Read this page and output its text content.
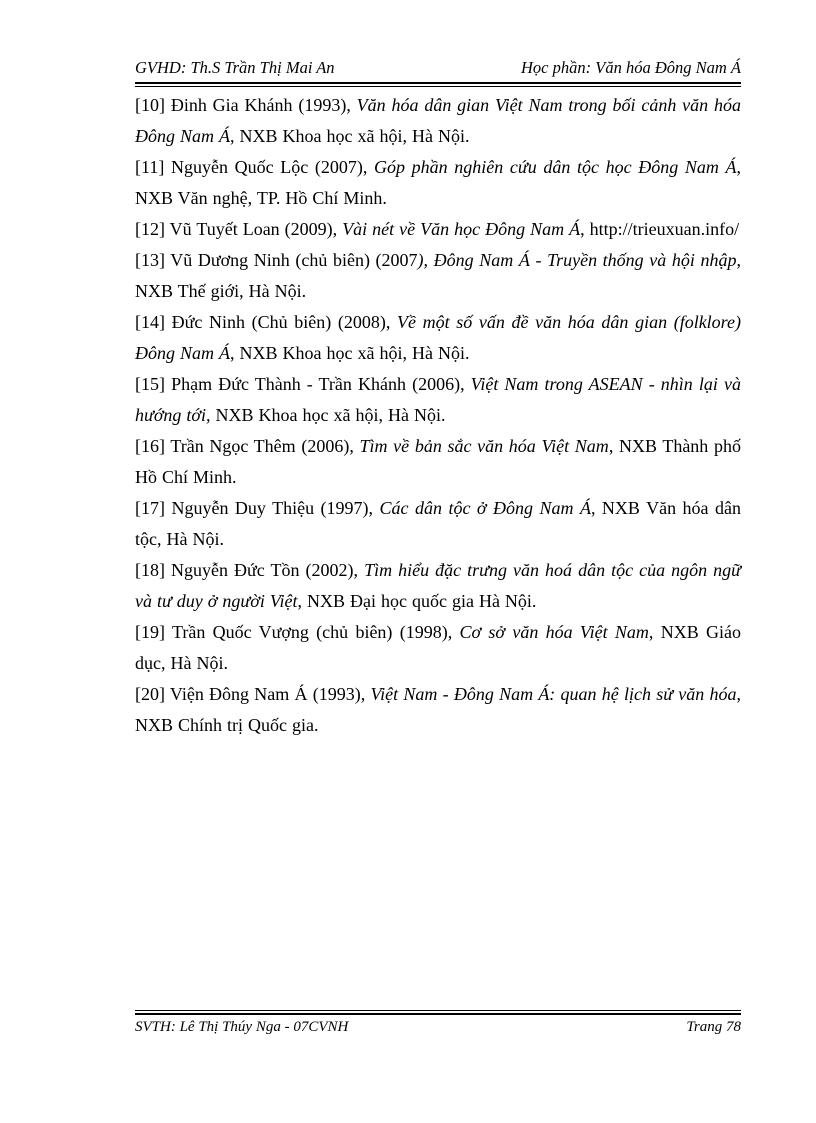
GVHD: Th.S Trần Thị Mai An	Học phần: Văn hóa Đông Nam Á

[10] Đinh Gia Khánh (1993), Văn hóa dân gian Việt Nam trong bối cảnh văn hóa Đông Nam Á, NXB Khoa học xã hội, Hà Nội.

[11] Nguyễn Quốc Lộc (2007), Góp phần nghiên cứu dân tộc học Đông Nam Á, NXB Văn nghệ, TP. Hồ Chí Minh.

[12] Vũ Tuyết Loan (2009), Vài nét về Văn học Đông Nam Á, http://trieuxuan.info/

[13] Vũ Dương Ninh (chủ biên) (2007), Đông Nam Á - Truyền thống và hội nhập, NXB Thế giới, Hà Nội.

[14] Đức Ninh (Chủ biên) (2008), Về một số vấn đề văn hóa dân gian (folklore) Đông Nam Á, NXB Khoa học xã hội, Hà Nội.

[15] Phạm Đức Thành - Trần Khánh (2006), Việt Nam trong ASEAN - nhìn lại và hướng tới, NXB Khoa học xã hội, Hà Nội.

[16] Trần Ngọc Thêm (2006), Tìm về bản sắc văn hóa Việt Nam, NXB Thành phố Hồ Chí Minh.

[17] Nguyễn Duy Thiệu (1997), Các dân tộc ở Đông Nam Á, NXB Văn hóa dân tộc, Hà Nội.

[18] Nguyễn Đức Tồn (2002), Tìm hiểu đặc trưng văn hoá dân tộc của ngôn ngữ và tư duy ở người Việt, NXB Đại học quốc gia Hà Nội.

[19] Trần Quốc Vượng (chủ biên) (1998), Cơ sở văn hóa Việt Nam, NXB Giáo dục, Hà Nội.

[20] Viện Đông Nam Á (1993), Việt Nam - Đông Nam Á: quan hệ lịch sử văn hóa, NXB Chính trị Quốc gia.

SVTH: Lê Thị Thúy Nga - 07CVNH	Trang 78
